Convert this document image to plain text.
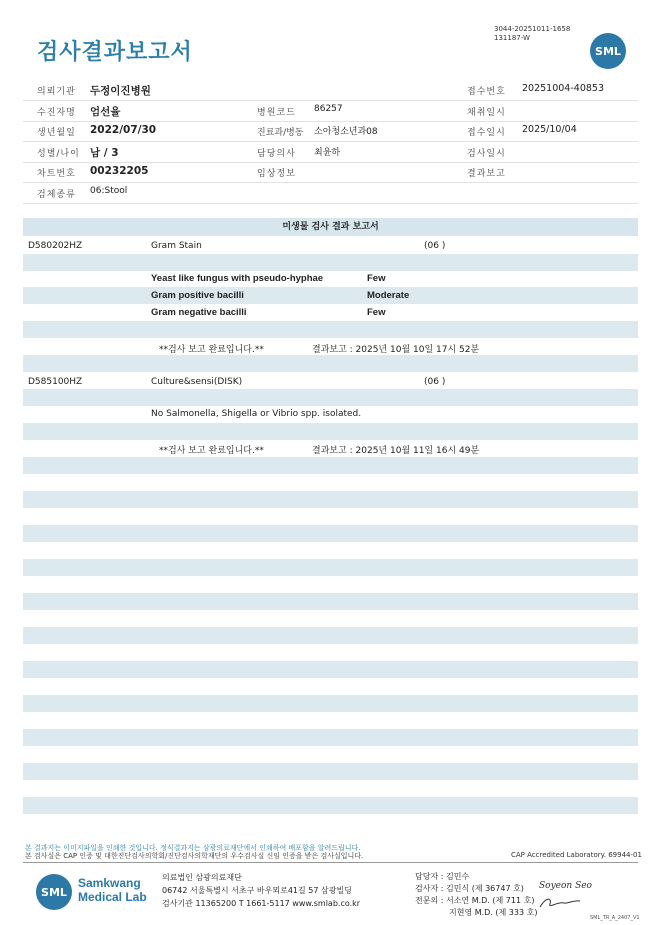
검사결과보고서
3044-20251011-1658
131187-W
SML
의뢰기관 두정이진병원	접수번호 20251004-40853
수진자명 엄선율	병원코드 86257	채취일시
생년월일 2022/07/30	진료과/병동 소아청소년과08	접수일시 2025/10/04
성별/나이 남 / 3	담당의사 최윤하	검사일시
차트번호 00232205	임상정보	결과보고
검체종류 06:Stool
미생물 검사 결과 보고서
D580202HZ	Gram Stain	(06 )
Yeast like fungus with pseudo-hyphae	Few
Gram positive bacilli	Moderate
Gram negative bacilli	Few
**검사 보고 완료입니다.**	결과보고 : 2025년 10월 10일 17시 52분
D585100HZ	Culture&sensi(DISK)	(06 )
No Salmonella, Shigella or Vibrio spp. isolated.
**검사 보고 완료입니다.**	결과보고 : 2025년 10월 11일 16시 49분
본 결과지는 이미지파일을 인쇄한 것입니다. 정식결과지는 삼광의료재단에서 인쇄하여 배포함을 알려드립니다.
본 검사실은 CAP 인증 및 대한진단검사의학회/진단검사의학재단의 우수검사실 신임 인증을 받은 검사실입니다.	CAP Accredited Laboratory. 69944-01
SML
Samkwang
Medical Lab
의료법인 삼광의료재단
06742 서울특별시 서초구 바우뫼로41길 57 삼광빌딩
검사기관 11365200 T 1661-5117 www.smlab.co.kr
담당자 : 김민수
검사자 : 김민식 (제 36747 호)
전문의 : 서소연 M.D. (제 711 호)
지현영 M.D. (제 333 호)
Soyeon Seo
SML_TR_A_2407_V1
